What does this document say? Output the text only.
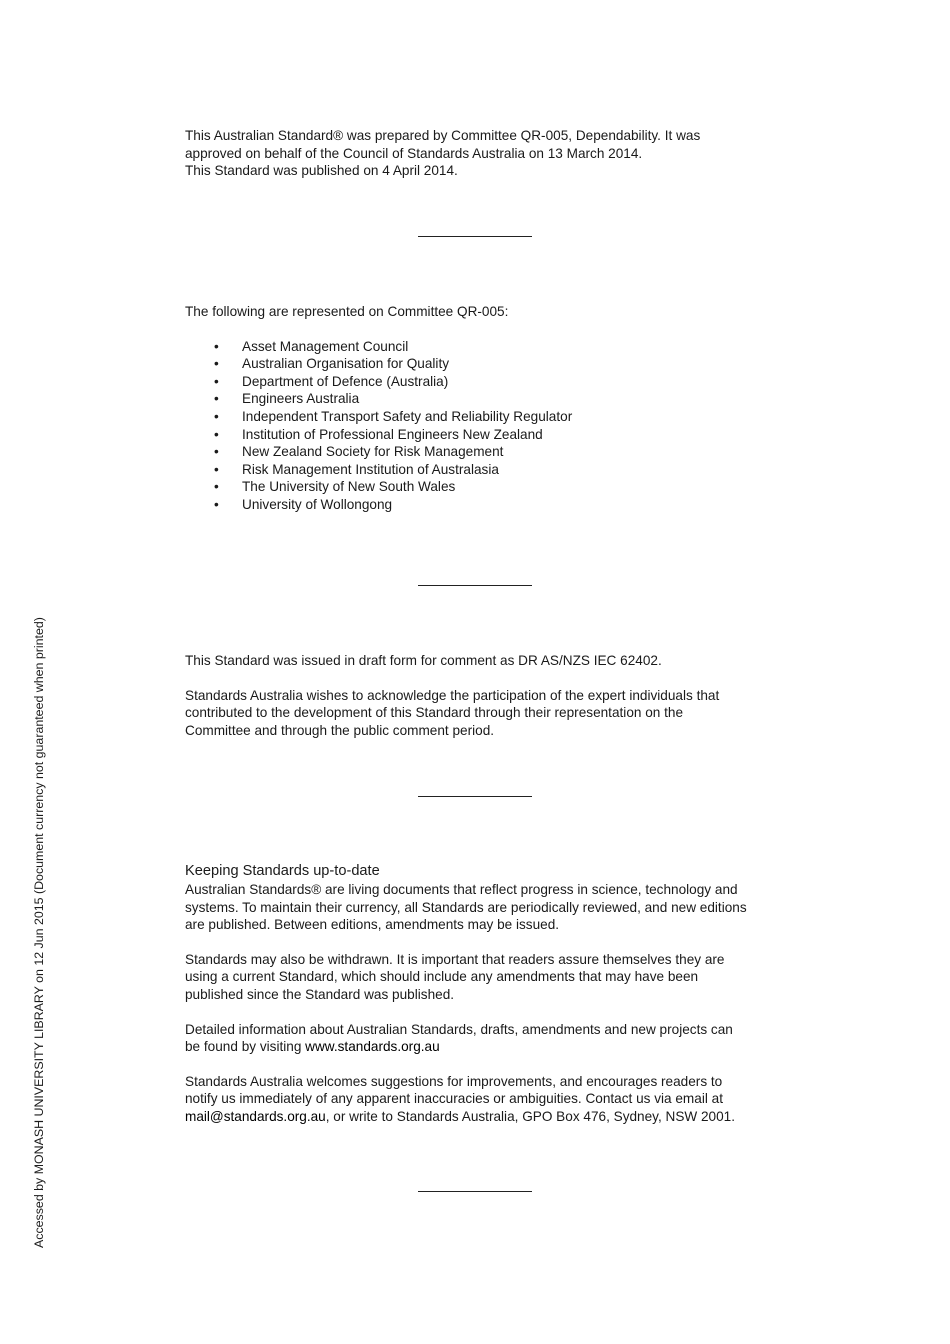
This Australian Standard® was prepared by Committee QR-005, Dependability. It was

approved on behalf of the Council of Standards Australia on 13 March 2014.

This Standard was published on 4 April 2014.

The following are represented on Committee QR-005:

• Asset Management Council
• Australian Organisation for Quality
• Department of Defence (Australia)
• Engineers Australia
• Independent Transport Safety and Reliability Regulator
• Institution of Professional Engineers New Zealand
• New Zealand Society for Risk Management
• Risk Management Institution of Australasia
• The University of New South Wales
• University of Wollongong

This Standard was issued in draft form for comment as DR AS/NZS IEC 62402.

Standards Australia wishes to acknowledge the participation of the expert individuals that

contributed to the development of this Standard through their representation on the

Committee and through the public comment period.

Keeping Standards up-to-date

Australian Standards® are living documents that reflect progress in science, technology and

systems. To maintain their currency, all Standards are periodically reviewed, and new editions

are published. Between editions, amendments may be issued.

Standards may also be withdrawn. It is important that readers assure themselves they are

using a current Standard, which should include any amendments that may have been

published since the Standard was published.

Detailed information about Australian Standards, drafts, amendments and new projects can

be found by visiting www.standards.org.au

Standards Australia welcomes suggestions for improvements, and encourages readers to

notify us immediately of any apparent inaccuracies or ambiguities. Contact us via email at

mail@standards.org.au, or write to Standards Australia, GPO Box 476, Sydney, NSW 2001.

Accessed by MONASH UNIVERSITY LIBRARY on 12 Jun 2015 (Document currency not guaranteed when printed)
